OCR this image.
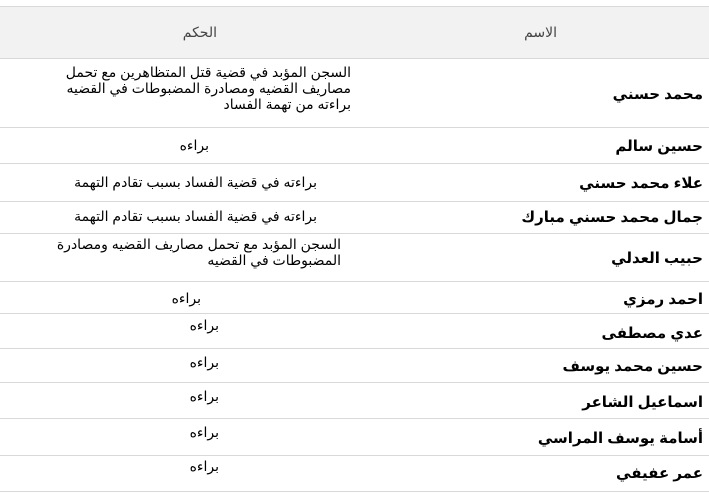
الاسم
الحكم
محمد حسني
السجن المؤبد في قضية قتل المتظاهرين مع تحمل مصاريف القضيه ومصادرة المضبوطات في القضيه براءته من تهمة الفساد
حسين سالم
براءه
علاء محمد حسني
براءته في قضية الفساد بسبب تقادم التهمة
جمال محمد حسني مبارك
براءته في قضية الفساد بسبب تقادم التهمة
حبيب العدلي
السجن المؤبد مع تحمل مصاريف القضيه ومصادرة المضبوطات في القضيه
احمد رمزي
براءه
عدي مصطفى
براءه
حسين محمد يوسف
براءه
اسماعيل الشاعر
براءه
أسامة يوسف المراسي
براءه
عمر عفيفي
براءه
